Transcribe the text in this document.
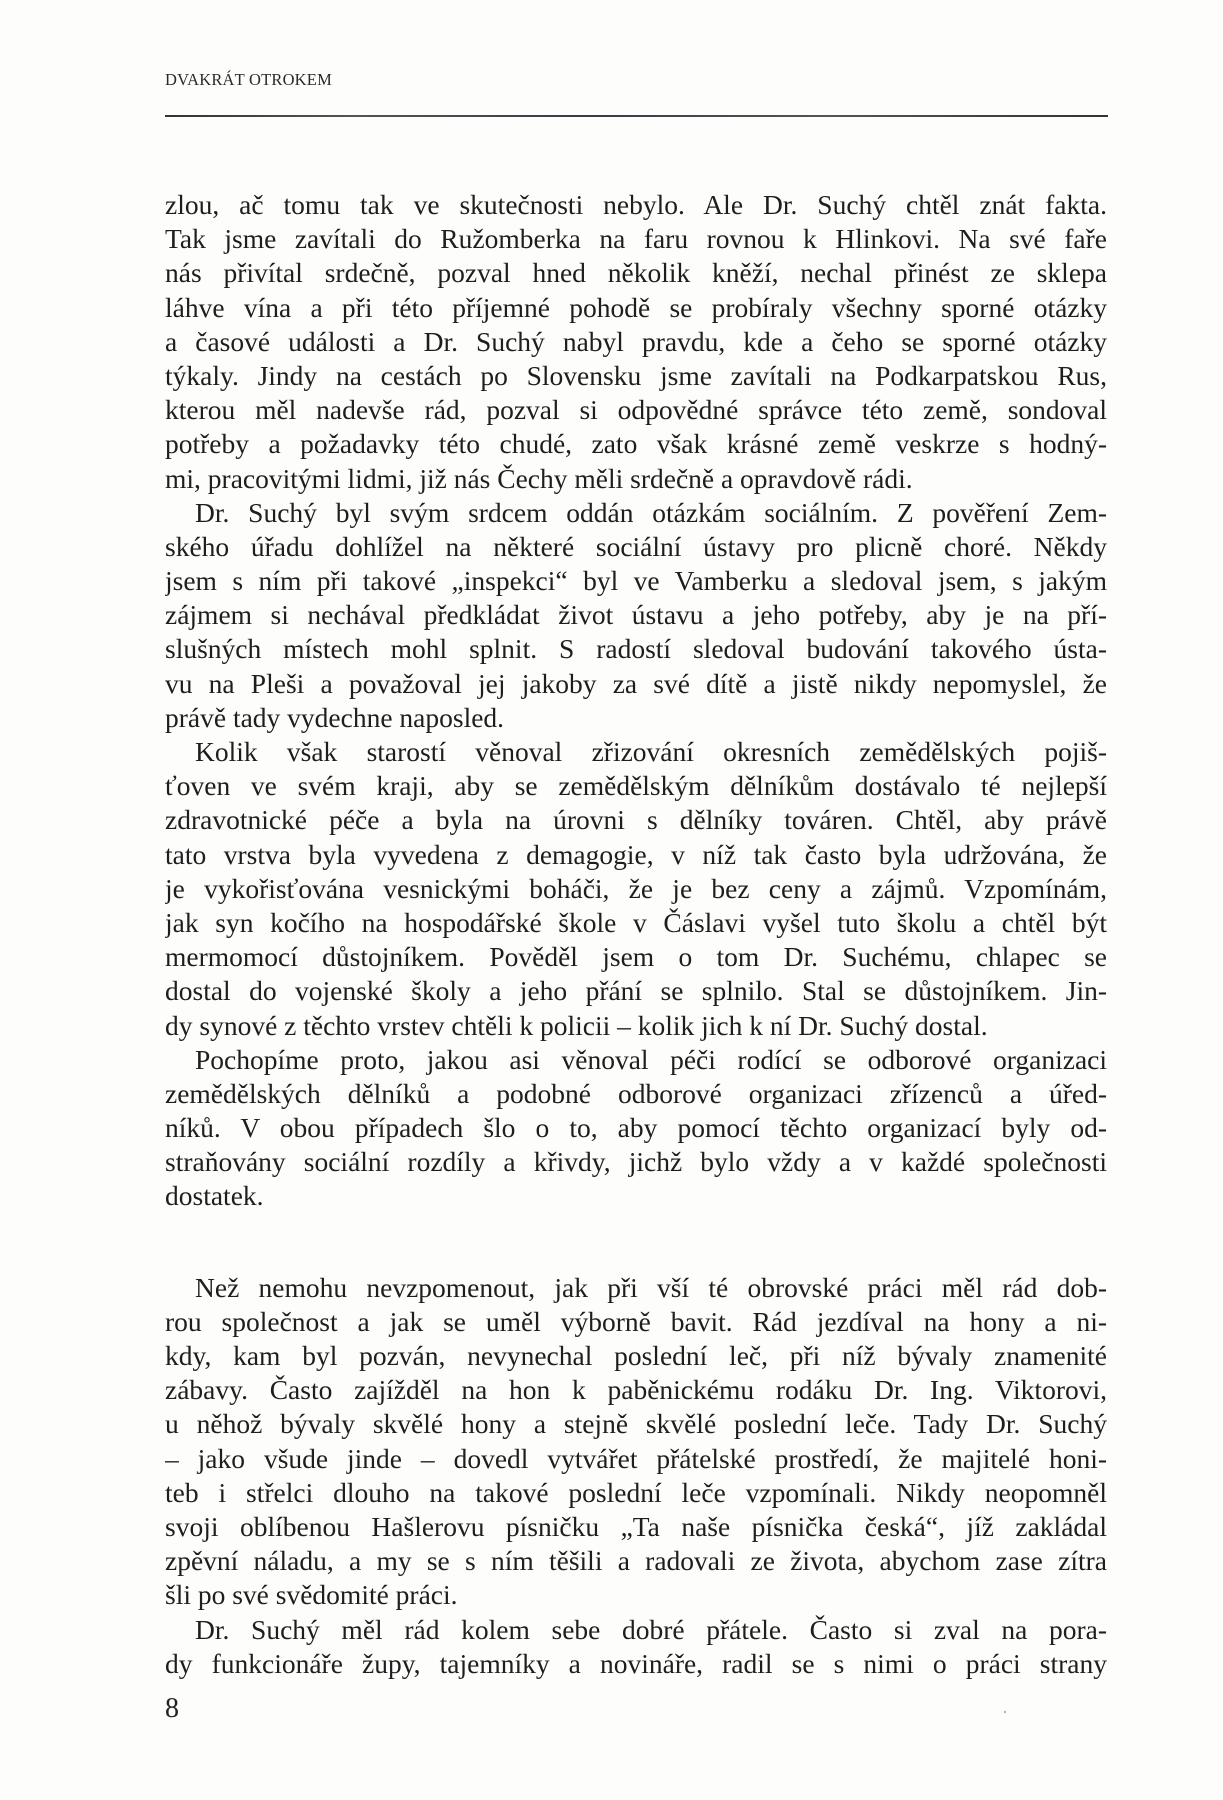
DVAKRÁT OTROKEM
zlou, ač tomu tak ve skutečnosti nebylo. Ale Dr. Suchý chtěl znát fakta.
Tak jsme zavítali do Ružomberka na faru rovnou k Hlinkovi. Na své faře
nás přivítal srdečně, pozval hned několik kněží, nechal přinést ze sklepa
láhve vína a při této příjemné pohodě se probíraly všechny sporné otázky
a časové události a Dr. Suchý nabyl pravdu, kde a čeho se sporné otázky
týkaly. Jindy na cestách po Slovensku jsme zavítali na Podkarpatskou Rus,
kterou měl nadevše rád, pozval si odpovědné správce této země, sondoval
potřeby a požadavky této chudé, zato však krásné země veskrze s hodný-
mi, pracovitými lidmi, již nás Čechy měli srdečně a opravdově rádi.
Dr. Suchý byl svým srdcem oddán otázkám sociálním. Z pověření Zem-
ského úřadu dohlížel na některé sociální ústavy pro plicně choré. Někdy
jsem s ním při takové „inspekci“ byl ve Vamberku a sledoval jsem, s jakým
zájmem si nechával předkládat život ústavu a jeho potřeby, aby je na pří-
slušných místech mohl splnit. S radostí sledoval budování takového ústa-
vu na Pleši a považoval jej jakoby za své dítě a jistě nikdy nepomyslel, že
právě tady vydechne naposled.
Kolik však starostí věnoval zřizování okresních zemědělských pojiš-
ťoven ve svém kraji, aby se zemědělským dělníkům dostávalo té nejlepší
zdravotnické péče a byla na úrovni s dělníky továren. Chtěl, aby právě
tato vrstva byla vyvedena z demagogie, v níž tak často byla udržována, že
je vykořisťována vesnickými boháči, že je bez ceny a zájmů. Vzpomínám,
jak syn kočího na hospodářské škole v Čáslavi vyšel tuto školu a chtěl být
mermomocí důstojníkem. Pověděl jsem o tom Dr. Suchému, chlapec se
dostal do vojenské školy a jeho přání se splnilo. Stal se důstojníkem. Jin-
dy synové z těchto vrstev chtěli k policii – kolik jich k ní Dr. Suchý dostal.
Pochopíme proto, jakou asi věnoval péči rodící se odborové organizaci
zemědělských dělníků a podobné odborové organizaci zřízenců a úřed-
níků. V obou případech šlo o to, aby pomocí těchto organizací byly od-
straňovány sociální rozdíly a křivdy, jichž bylo vždy a v každé společnosti
dostatek.
Než nemohu nevzpomenout, jak při vší té obrovské práci měl rád dob-
rou společnost a jak se uměl výborně bavit. Rád jezdíval na hony a ni-
kdy, kam byl pozván, nevynechal poslední leč, při níž bývaly znamenité
zábavy. Často zajížděl na hon k paběnickému rodáku Dr. Ing. Viktorovi,
u něhož bývaly skvělé hony a stejně skvělé poslední leče. Tady Dr. Suchý
– jako všude jinde – dovedl vytvářet přátelské prostředí, že majitelé honi-
teb i střelci dlouho na takové poslední leče vzpomínali. Nikdy neopomněl
svoji oblíbenou Hašlerovu písničku „Ta naše písnička česká“, jíž zakládal
zpěvní náladu, a my se s ním těšili a radovali ze života, abychom zase zítra
šli po své svědomité práci.
Dr. Suchý měl rád kolem sebe dobré přátele. Často si zval na pora-
dy funkcionáře župy, tajemníky a novináře, radil se s nimi o práci strany
8
